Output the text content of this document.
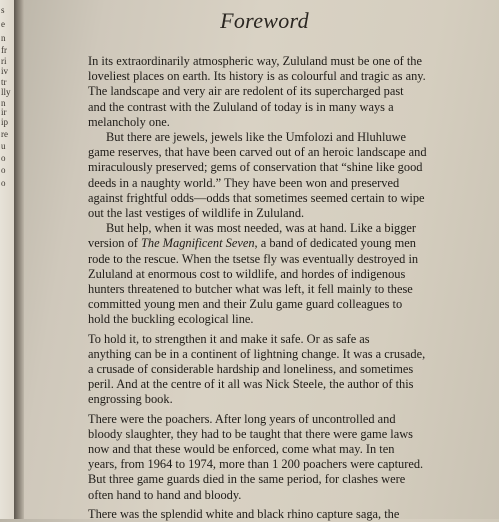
s
e
n
fr
ri
iv
tr
lly
n
ir
ip
re
u
o
o
o
Foreword
In its extraordinarily atmospheric way, Zululand must be one of the
loveliest places on earth. Its history is as colourful and tragic as any.
The landscape and very air are redolent of its supercharged past
and the contrast with the Zululand of today is in many ways a
melancholy one.
But there are jewels, jewels like the Umfolozi and Hluhluwe
game reserves, that have been carved out of an heroic landscape and
miraculously preserved; gems of conservation that “shine like good
deeds in a naughty world.” They have been won and preserved
against frightful odds—odds that sometimes seemed certain to wipe
out the last vestiges of wildlife in Zululand.
But help, when it was most needed, was at hand. Like a bigger
version of The Magnificent Seven, a band of dedicated young men
rode to the rescue. When the tsetse fly was eventually destroyed in
Zululand at enormous cost to wildlife, and hordes of indigenous
hunters threatened to butcher what was left, it fell mainly to these
committed young men and their Zulu game guard colleagues to
hold the buckling ecological line.
To hold it, to strengthen it and make it safe. Or as safe as
anything can be in a continent of lightning change. It was a crusade,
a crusade of considerable hardship and loneliness, and sometimes
peril. And at the centre of it all was Nick Steele, the author of this
engrossing book.
There were the poachers. After long years of uncontrolled and
bloody slaughter, they had to be taught that there were game laws
now and that these would be enforced, come what may. In ten
years, from 1964 to 1974, more than 1 200 poachers were captured.
But three game guards died in the same period, for clashes were
often hand to hand and bloody.
There was the splendid white and black rhino capture saga, the
